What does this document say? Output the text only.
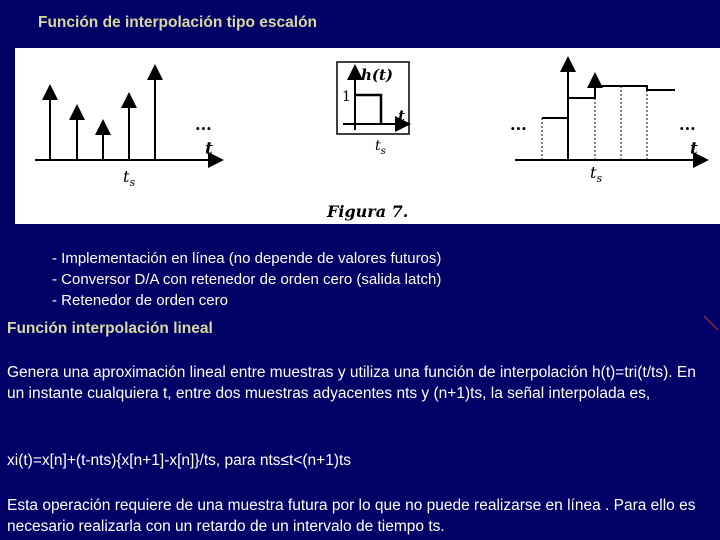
Función de interpolación tipo escalón
...
t
$t_s$
h(t)
1
t
$t_s$
Figura 7.
...	...
t
$t_s$
- Implementación en línea (no depende de valores futuros)
- Conversor D/A con retenedor de orden cero (salida latch)
- Retenedor de orden cero
Función interpolación lineal
Genera una aproximación lineal entre muestras y utiliza una función de interpolación h(t)=tri(t/ts). En un instante cualquiera t, entre dos muestras adyacentes nts y (n+1)ts, la señal interpolada es,
xi(t)=x[n]+(t-nts){x[n+1]-x[n]}/ts, para nts≤t<(n+1)ts
Esta operación requiere de una muestra futura por lo que no puede realizarse en línea . Para ello es necesario realizarla con un retardo de un intervalo de tiempo ts.
